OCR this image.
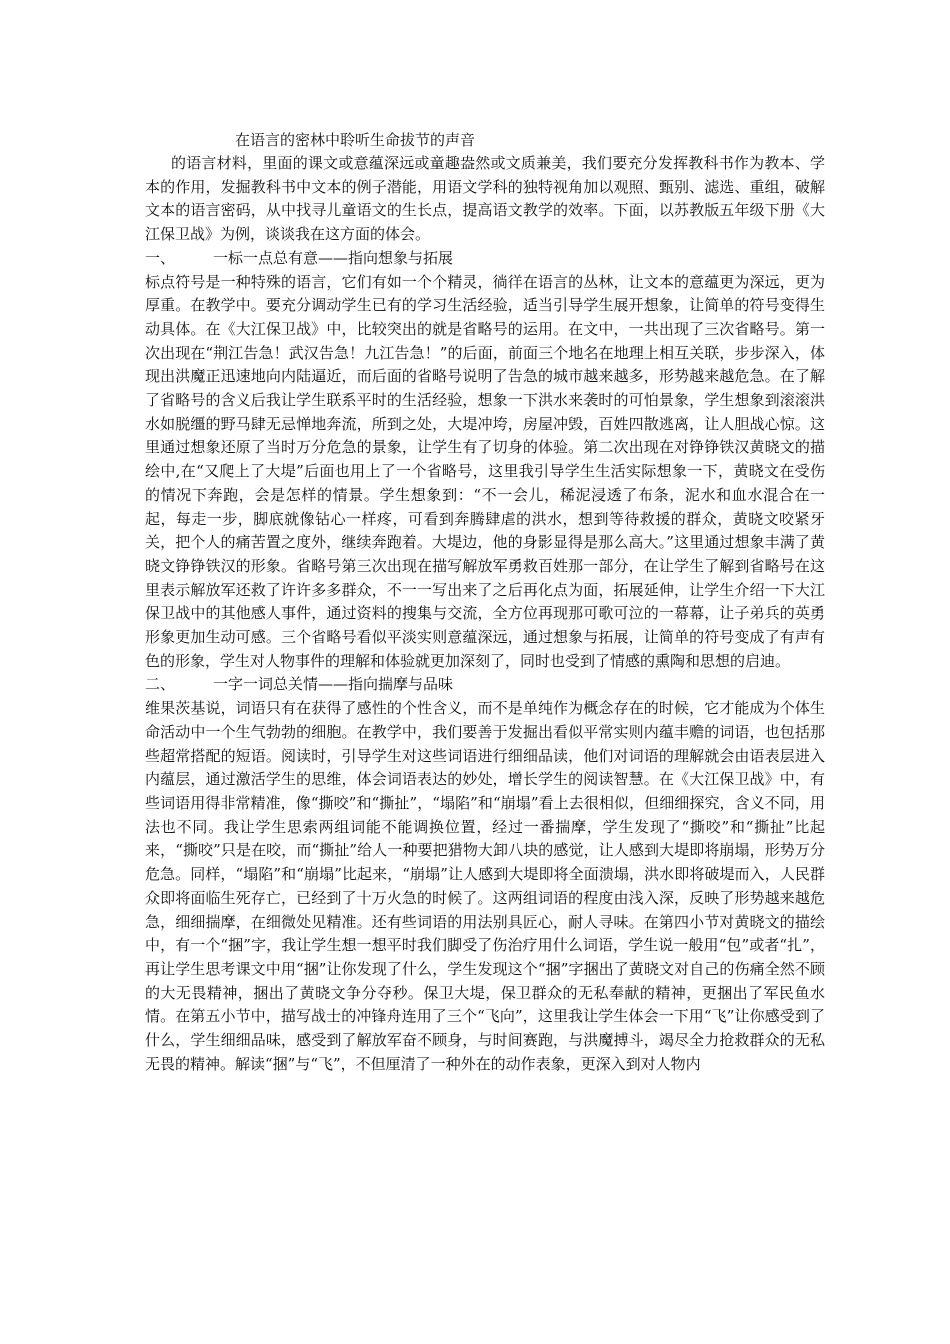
在语言的密林中聆听生命拔节的声音

的语言材料，里面的课文或意蕴深远或童趣盎然或文质兼美，我们要充分发挥教科书作为教本、学本的作用，发掘教科书中文本的例子潜能，用语文学科的独特视角加以观照、甄别、滤选、重组，破解文本的语言密码，从中找寻儿童语文的生长点，提高语文教学的效率。下面，以苏教版五年级下册《大江保卫战》为例，谈谈我在这方面的体会。

一、	一标一点总有意——指向想象与拓展

标点符号是一种特殊的语言，它们有如一个个精灵，徜徉在语言的丛林，让文本的意蕴更为深远，更为厚重。在教学中。要充分调动学生已有的学习生活经验，适当引导学生展开想象，让简单的符号变得生动具体。在《大江保卫战》中，比较突出的就是省略号的运用。在文中，一共出现了三次省略号。第一次出现在“荆江告急！武汉告急！九江告急！”的后面，前面三个地名在地理上相互关联，步步深入，体现出洪魔正迅速地向内陆逼近，而后面的省略号说明了告急的城市越来越多，形势越来越危急。在了解了省略号的含义后我让学生联系平时的生活经验，想象一下洪水来袭时的可怕景象，学生想象到滚滚洪水如脱缰的野马肆无忌惮地奔流，所到之处，大堤冲垮，房屋冲毁，百姓四散逃离，让人胆战心惊。这里通过想象还原了当时万分危急的景象，让学生有了切身的体验。第二次出现在对铮铮铁汉黄晓文的描绘中,在“又爬上了大堤”后面也用上了一个省略号，这里我引导学生生活实际想象一下，黄晓文在受伤的情况下奔跑，会是怎样的情景。学生想象到：“不一会儿，稀泥浸透了布条，泥水和血水混合在一起，每走一步，脚底就像钻心一样疼，可看到奔腾肆虐的洪水，想到等待救援的群众，黄晓文咬紧牙关，把个人的痛苦置之度外，继续奔跑着。大堤边，他的身影显得是那么高大。”这里通过想象丰满了黄晓文铮铮铁汉的形象。省略号第三次出现在描写解放军勇救百姓那一部分，在让学生了解到省略号在这里表示解放军还救了许许多多群众，不一一写出来了之后再化点为面，拓展延伸，让学生介绍一下大江保卫战中的其他感人事件，通过资料的搜集与交流，全方位再现那可歌可泣的一幕幕，让子弟兵的英勇形象更加生动可感。三个省略号看似平淡实则意蕴深远，通过想象与拓展，让简单的符号变成了有声有色的形象，学生对人物事件的理解和体验就更加深刻了，同时也受到了情感的熏陶和思想的启迪。

二、	一字一词总关情——指向揣摩与品味

维果茨基说，词语只有在获得了感性的个性含义，而不是单纯作为概念存在的时候，它才能成为个体生命活动中一个生气勃勃的细胞。在教学中，我们要善于发掘出看似平常实则内蕴丰赡的词语，也包括那些超常搭配的短语。阅读时，引导学生对这些词语进行细细品读，他们对词语的理解就会由语表层进入内蕴层，通过激活学生的思维，体会词语表达的妙处，增长学生的阅读智慧。在《大江保卫战》中，有些词语用得非常精准，像“撕咬”和“撕扯”，“塌陷”和“崩塌”看上去很相似，但细细探究，含义不同，用法也不同。我让学生思索两组词能不能调换位置，经过一番揣摩，学生发现了“撕咬”和“撕扯”比起来，“撕咬”只是在咬，而“撕扯”给人一种要把猎物大卸八块的感觉，让人感到大堤即将崩塌，形势万分危急。同样，“塌陷”和“崩塌”比起来，“崩塌”让人感到大堤即将全面溃塌，洪水即将破堤而入，人民群众即将面临生死存亡，已经到了十万火急的时候了。这两组词语的程度由浅入深，反映了形势越来越危急，细细揣摩，在细微处见精准。还有些词语的用法别具匠心，耐人寻味。在第四小节对黄晓文的描绘中，有一个“捆”字，我让学生想一想平时我们脚受了伤治疗用什么词语，学生说一般用“包”或者“扎”，再让学生思考课文中用“捆”让你发现了什么，学生发现这个“捆”字捆出了黄晓文对自己的伤痛全然不顾的大无畏精神，捆出了黄晓文争分夺秒。保卫大堤，保卫群众的无私奉献的精神，更捆出了军民鱼水情。在第五小节中，描写战士的冲锋舟连用了三个“飞向”，这里我让学生体会一下用“飞”让你感受到了什么，学生细细品味，感受到了解放军奋不顾身，与时间赛跑，与洪魔搏斗，竭尽全力抢救群众的无私无畏的精神。解读“捆”与“飞”，不但厘清了一种外在的动作表象，更深入到对人物内
